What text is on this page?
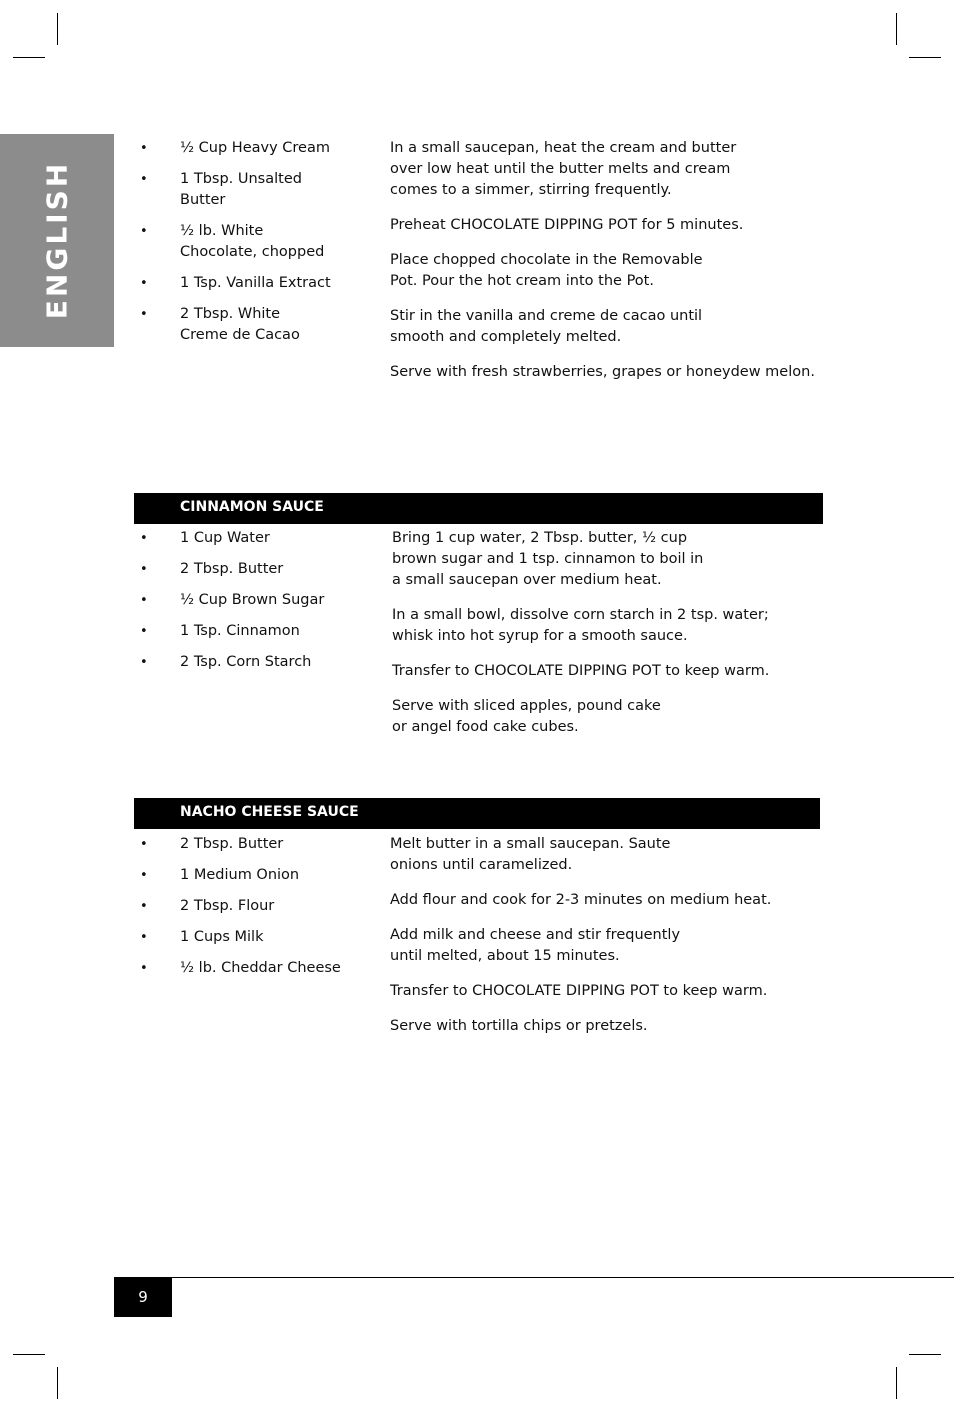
ENGLISH
• ½ Cup Heavy Cream
• 1 Tbsp. Unsalted
Butter
• ½ lb. White
Chocolate, chopped
• 1 Tsp. Vanilla Extract
• 2 Tbsp. White
Creme de Cacao

In a small saucepan, heat the cream and butter
over low heat until the butter melts and cream
comes to a simmer, stirring frequently.

Preheat CHOCOLATE DIPPING POT for 5 minutes.

Place chopped chocolate in the Removable
Pot. Pour the hot cream into the Pot.

Stir in the vanilla and creme de cacao until
smooth and completely melted.

Serve with fresh strawberries, grapes or honeydew melon.

CINNAMON SAUCE
• 1 Cup Water
• 2 Tbsp. Butter
• ½ Cup Brown Sugar
• 1 Tsp. Cinnamon
• 2 Tsp. Corn Starch

Bring 1 cup water, 2 Tbsp. butter, ½ cup
brown sugar and 1 tsp. cinnamon to boil in
a small saucepan over medium heat.

In a small bowl, dissolve corn starch in 2 tsp. water;
whisk into hot syrup for a smooth sauce.

Transfer to CHOCOLATE DIPPING POT to keep warm.

Serve with sliced apples, pound cake
or angel food cake cubes.

NACHO CHEESE SAUCE
• 2 Tbsp. Butter
• 1 Medium Onion
• 2 Tbsp. Flour
• 1 Cups Milk
• ½ lb. Cheddar Cheese

Melt butter in a small saucepan. Saute
onions until caramelized.

Add flour and cook for 2-3 minutes on medium heat.

Add milk and cheese and stir frequently
until melted, about 15 minutes.

Transfer to CHOCOLATE DIPPING POT to keep warm.

Serve with tortilla chips or pretzels.

9
